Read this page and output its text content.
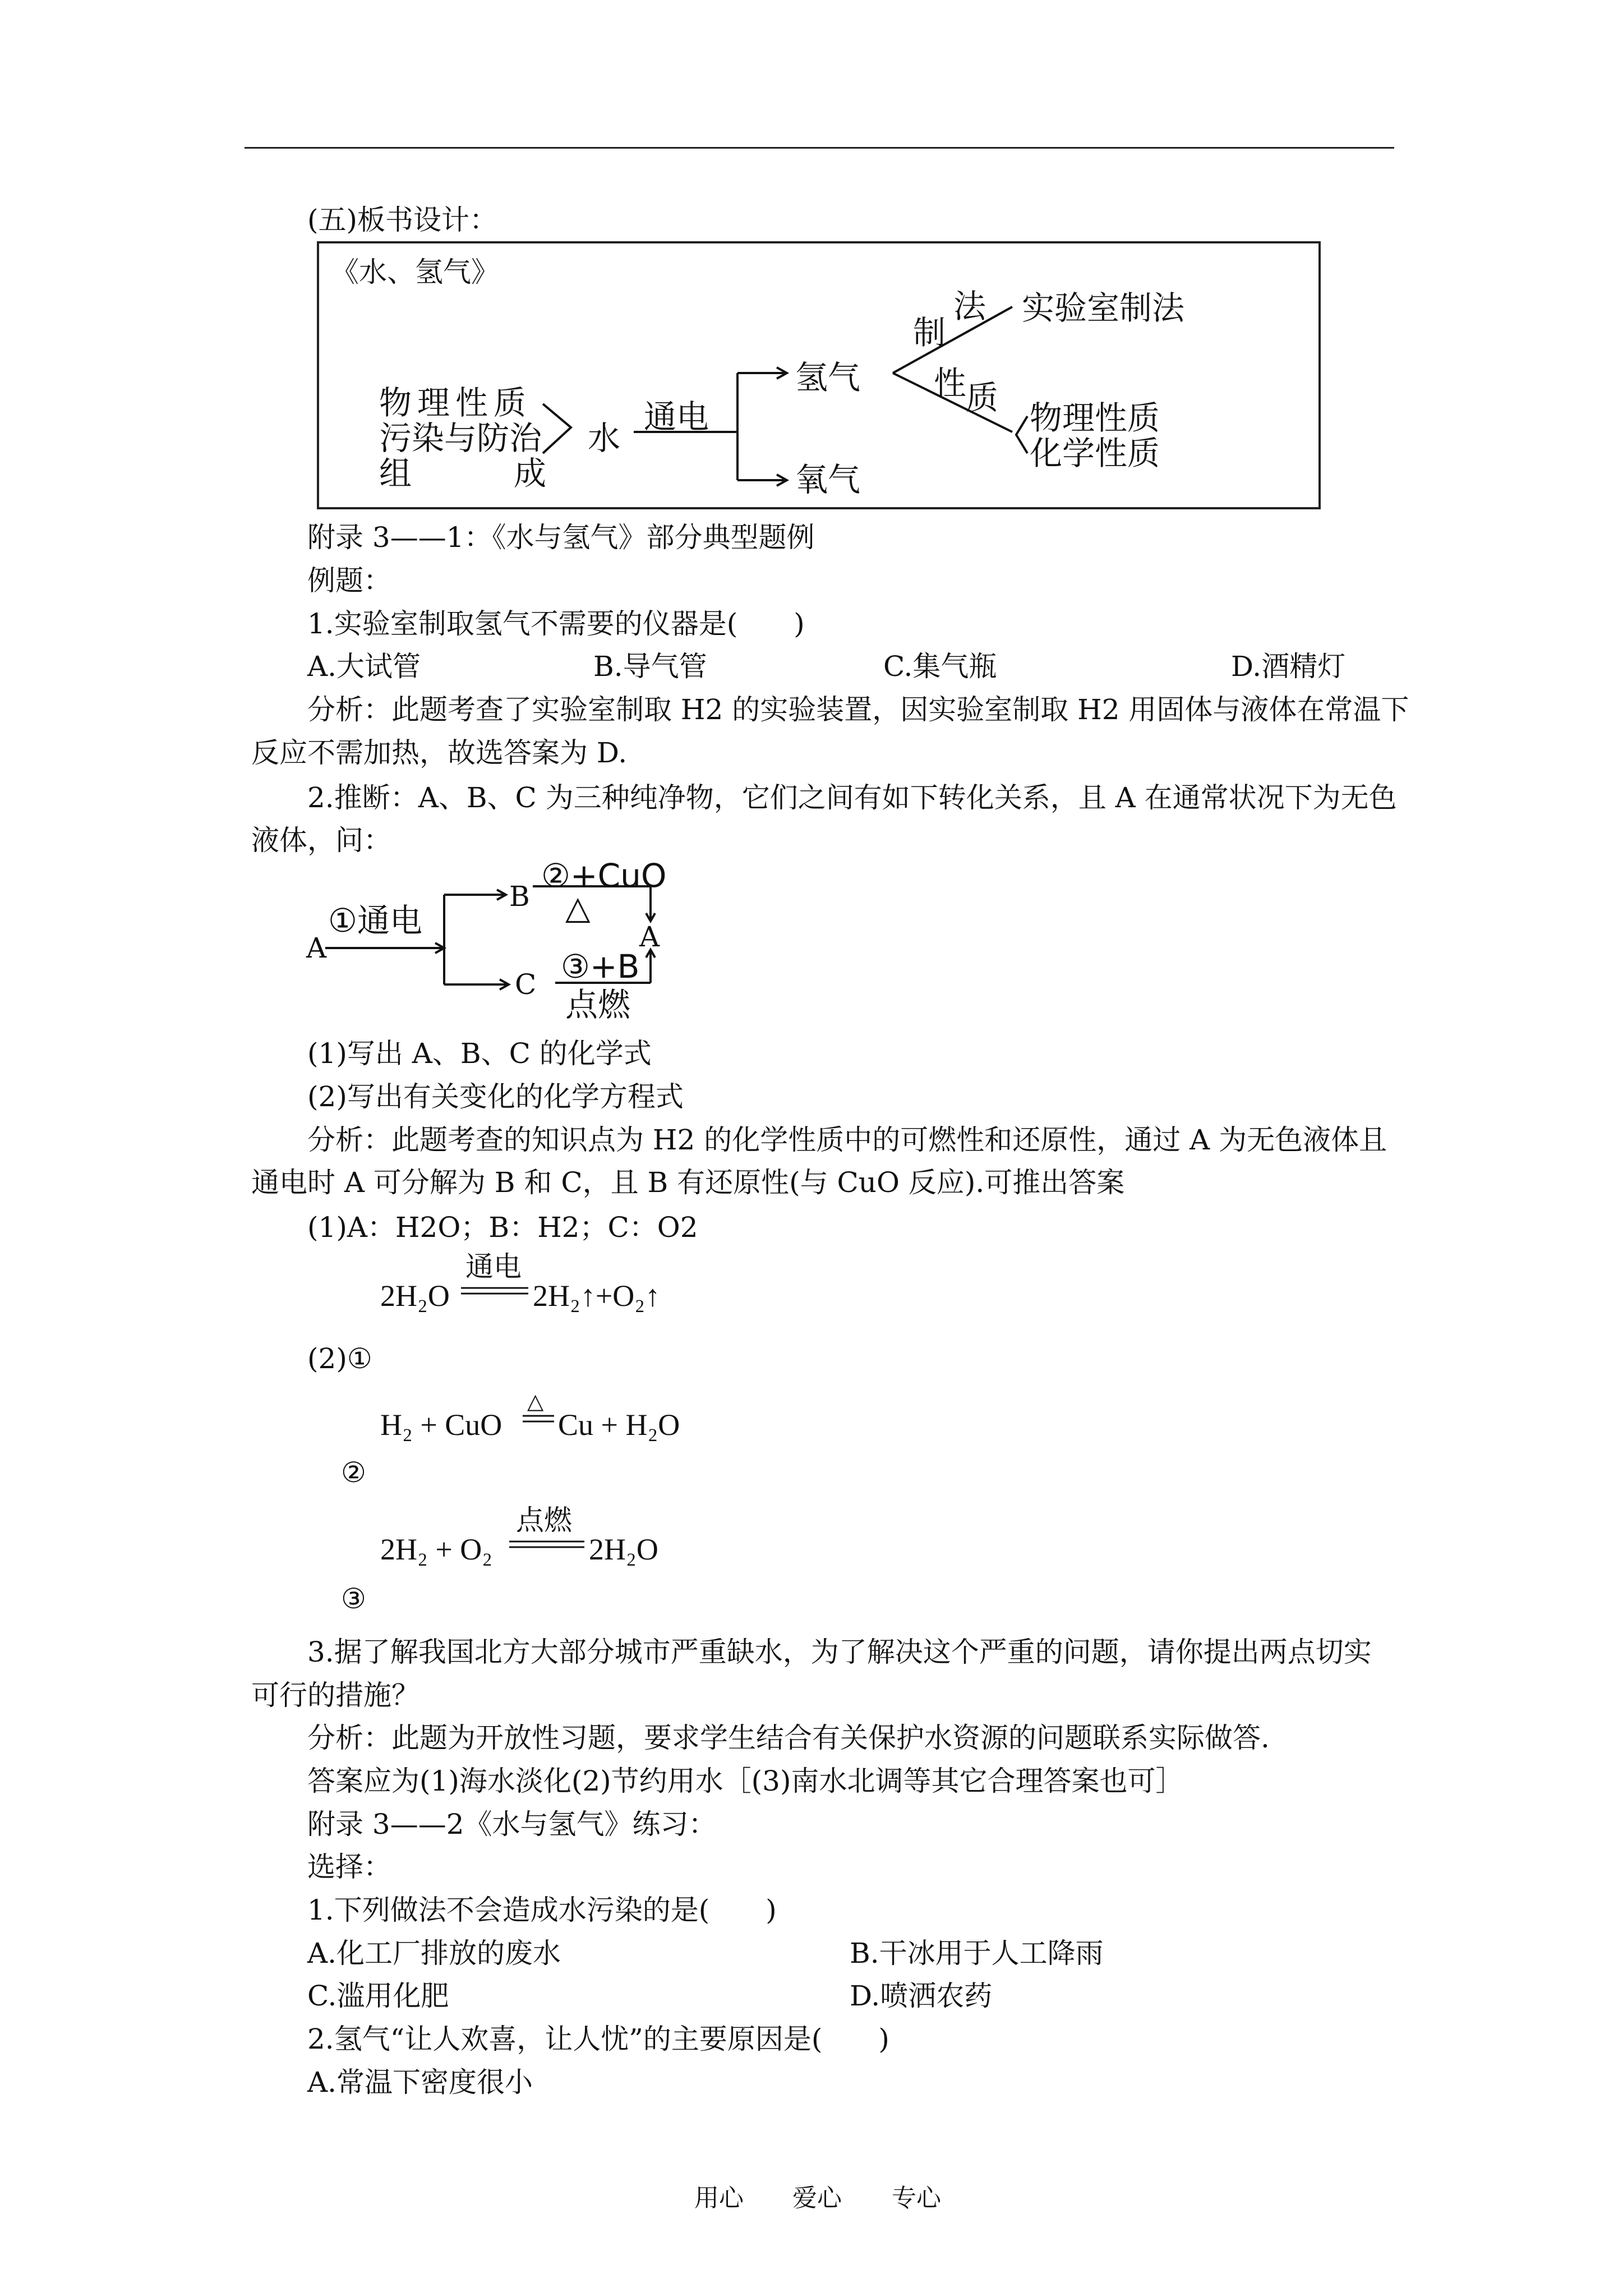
(五)板书设计：
《水、氢气》
物理性质
污染与防治
组	成
水
通电
氢气
氧气
制
法
性
质
实验室制法
物理性质
化学性质
附录 3——1：《水与氢气》部分典型题例
例题：
1.实验室制取氢气不需要的仪器是(　　)
A.大试管	B.导气管	C.集气瓶	D.酒精灯
分析：此题考查了实验室制取 H2 的实验装置，因实验室制取 H2 用固体与液体在常温下
反应不需加热，故选答案为 D.
2.推断：A、B、C 为三种纯净物，它们之间有如下转化关系，且 A 在通常状况下为无色
液体，问：
A
①通电
B
②+CuO
△
A
C ③+B
点燃
(1)写出 A、B、C 的化学式
(2)写出有关变化的化学方程式
分析：此题考查的知识点为 H2 的化学性质中的可燃性和还原性，通过 A 为无色液体且
通电时 A 可分解为 B 和 C，且 B 有还原性(与 CuO 反应).可推出答案
(1)A：H2O；B：H2；C：O2
2H₂O
通电
2H₂↑+O₂↑
(2)①
H₂ + CuO
△
Cu + H₂O
②
2H₂ + O₂
点燃
2H₂O
③
3.据了解我国北方大部分城市严重缺水，为了解决这个严重的问题，请你提出两点切实
可行的措施？
分析：此题为开放性习题，要求学生结合有关保护水资源的问题联系实际做答.
答案应为(1)海水淡化(2)节约用水［(3)南水北调等其它合理答案也可］
附录 3——2《水与氢气》练习：
选择：
1.下列做法不会造成水污染的是(　　)
A.化工厂排放的废水	B.干冰用于人工降雨
C.滥用化肥	D.喷洒农药
2.氢气“让人欢喜，让人忧”的主要原因是(　　)
A.常温下密度很小
用心 爱心 专心
